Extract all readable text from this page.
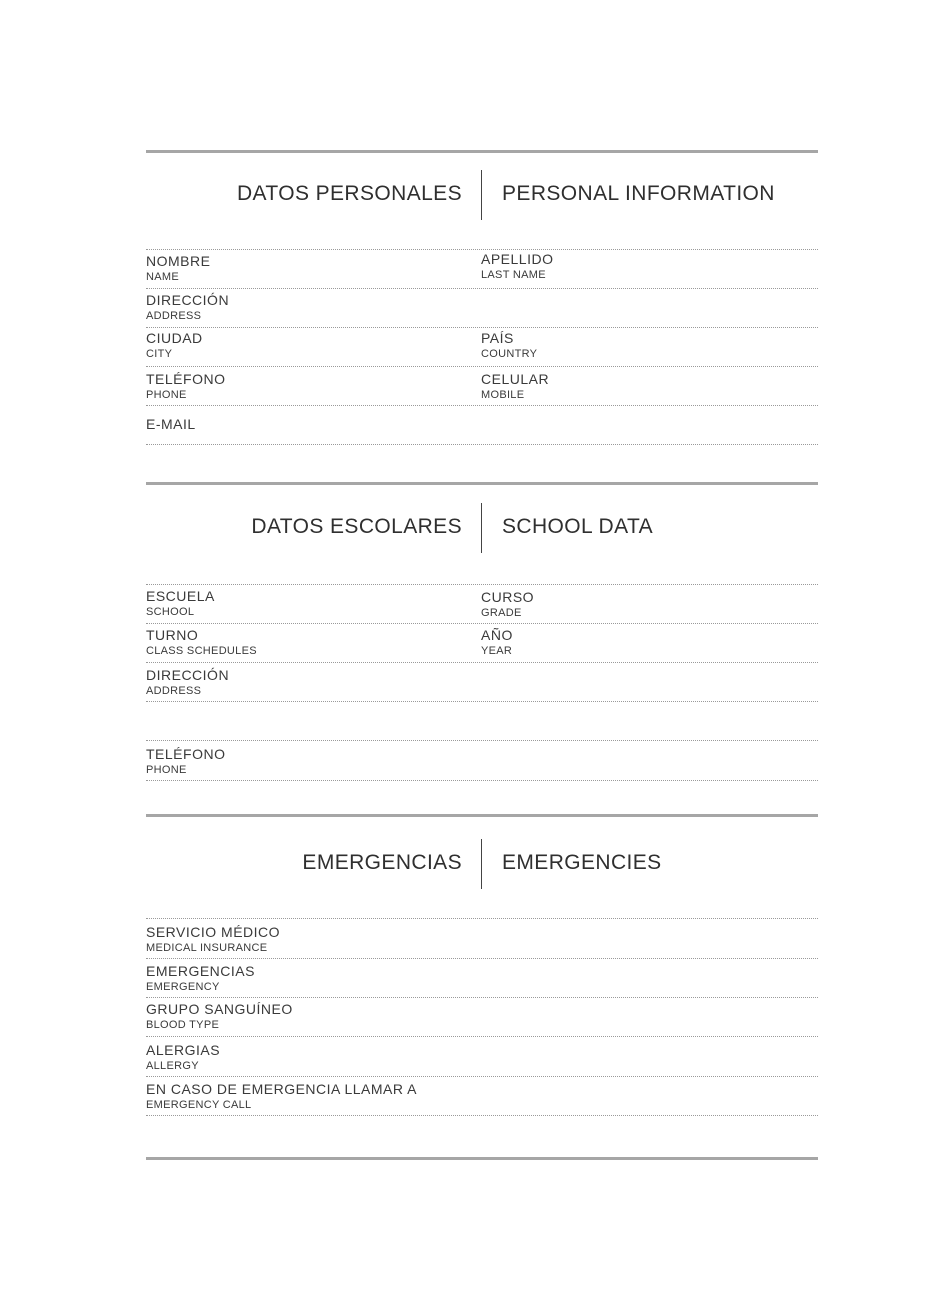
DATOS PERSONALES PERSONAL INFORMATION
NOMBRE
NAME
APELLIDO
LAST NAME
DIRECCIÓN
ADDRESS
CIUDAD
CITY
PAÍS
COUNTRY
TELÉFONO
PHONE
CELULAR
MOBILE
E-MAIL
DATOS ESCOLARES SCHOOL DATA
ESCUELA
SCHOOL
CURSO
GRADE
TURNO
CLASS SCHEDULES
AÑO
YEAR
DIRECCIÓN
ADDRESS
TELÉFONO
PHONE
EMERGENCIAS EMERGENCIES
SERVICIO MÉDICO
MEDICAL INSURANCE
EMERGENCIAS
EMERGENCY
GRUPO SANGUÍNEO
BLOOD TYPE
ALERGIAS
ALLERGY
EN CASO DE EMERGENCIA LLAMAR A
EMERGENCY CALL
